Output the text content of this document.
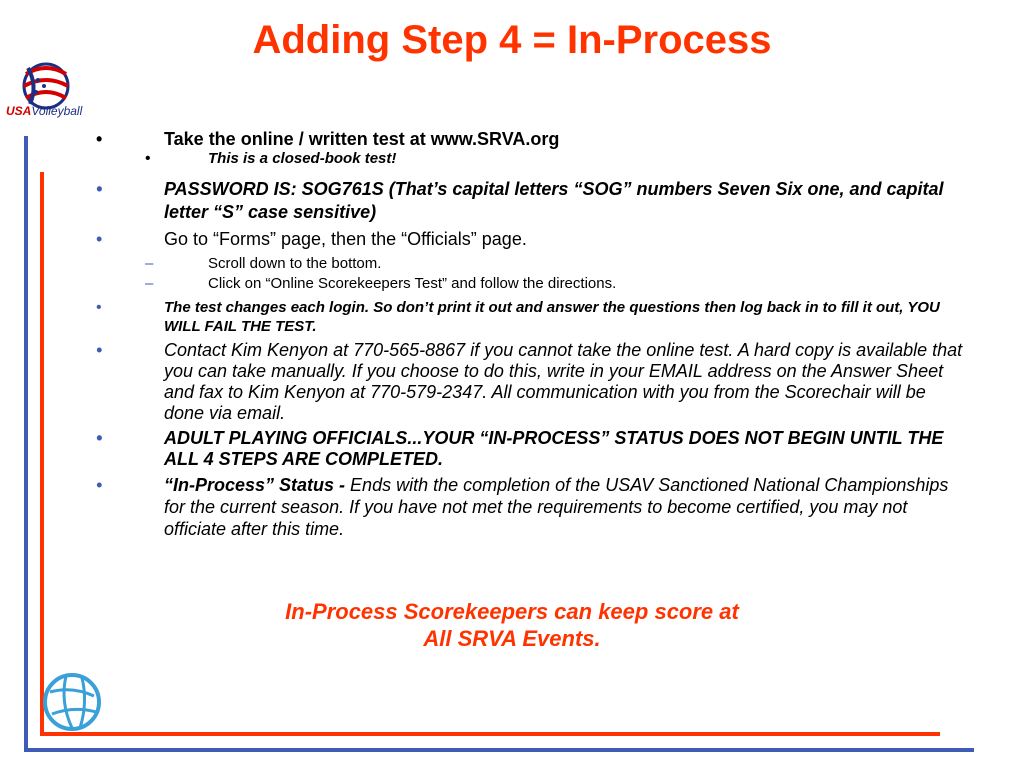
Adding Step 4 = In-Process
USAVolleyball
•	Take the online / written test at www.SRVA.org
•	This is a closed-book test!
•	PASSWORD IS: SOG761S (That’s capital letters “SOG” numbers Seven Six one, and capital letter “S” case sensitive)
•	Go to “Forms” page, then the “Officials” page.
–	Scroll down to the bottom.
–	Click on “Online Scorekeepers Test” and follow the directions.
•	The test changes each login. So don’t print it out and answer the questions then log back in to fill it out, YOU WILL FAIL THE TEST.
•	Contact Kim Kenyon at 770-565-8867 if you cannot take the online test. A hard copy is available that you can take manually. If you choose to do this, write in your EMAIL address on the Answer Sheet and fax to Kim Kenyon at 770-579-2347. All communication with you from the Scorechair will be done via email.
•	ADULT PLAYING OFFICIALS...YOUR “IN-PROCESS” STATUS DOES NOT BEGIN UNTIL THE ALL 4 STEPS ARE COMPLETED.
•	“In-Process” Status - Ends with the completion of the USAV Sanctioned National Championships for the current season. If you have not met the requirements to become certified, you may not officiate after this time.
In-Process Scorekeepers can keep score at
All SRVA Events.
